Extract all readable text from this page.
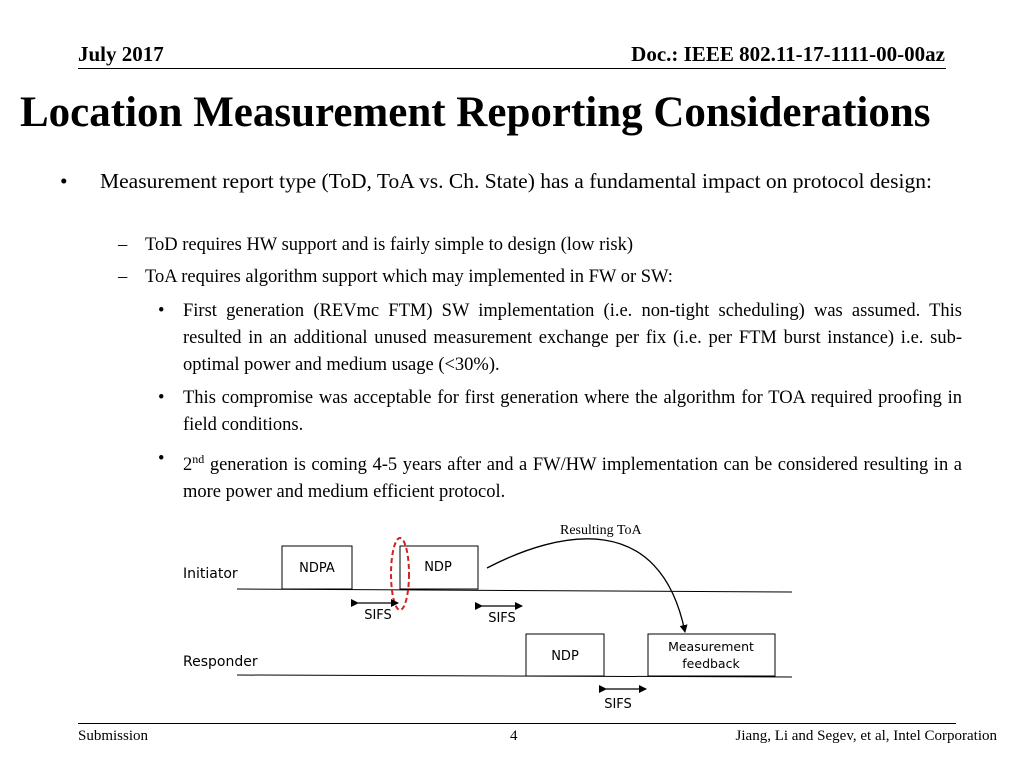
July 2017	Doc.: IEEE 802.11-17-1111-00-00az
Location Measurement Reporting Considerations
• Measurement report type (ToD, ToA vs. Ch. State) has a fundamental impact on protocol design:
– ToD requires HW support and is fairly simple to design (low risk)
– ToA requires algorithm support which may implemented in FW or SW:
• First generation (REVmc FTM) SW implementation (i.e. non-tight scheduling) was assumed. This resulted in an additional unused measurement exchange per fix (i.e. per FTM burst instance) i.e. sub-optimal power and medium usage (<30%).
• This compromise was acceptable for first generation where the algorithm for TOA required proofing in field conditions.
• 2nd generation is coming 4-5 years after and a FW/HW implementation can be considered resulting in a more power and medium efficient protocol.
Resulting ToA
Initiator	NDPA	NDP
SIFS	SIFS
Responder	NDP
Measurement
feedback
SIFS
Submission	4	Jiang, Li and Segev, et al, Intel Corporation
